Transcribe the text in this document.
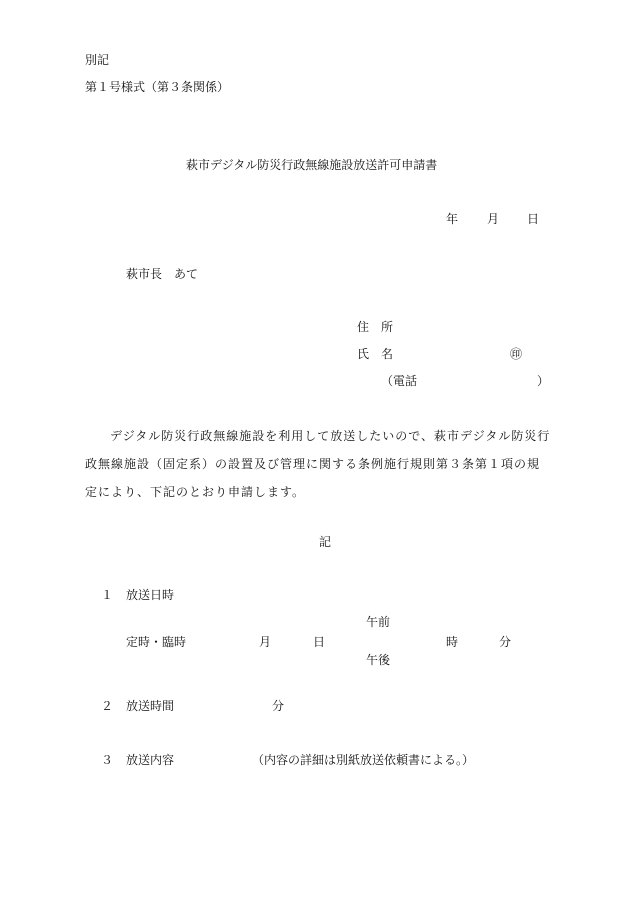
別記
第１号様式（第３条関係）
萩市デジタル防災行政無線施設放送許可申請書
年 月 日
萩市長　あて
住　所
氏　名	㊞
（電話	）
デジタル防災行政無線施設を利用して放送したいので、萩市デジタル防災行
政無線施設（固定系）の設置及び管理に関する条例施行規則第３条第１項の規
定により、下記のとおり申請します。
記
１ 放送日時
午前
定時・臨時	月	日	時	分
午後
２ 放送時間	分
３ 放送内容	（内容の詳細は別紙放送依頼書による。）
